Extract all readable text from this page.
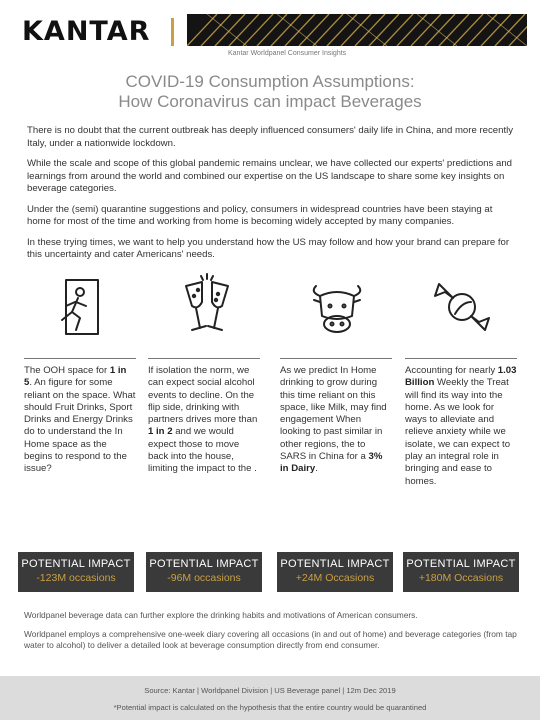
KANTAR
Kantar Worldpanel Consumer Insights
COVID-19 Consumption Assumptions:
How Coronavirus can impact Beverages

There is no doubt that the current outbreak has deeply influenced consumers' daily life in China, and more recently Italy, under a nationwide lockdown.

While the scale and scope of this global pandemic remains unclear, we have collected our experts' predictions and learnings from around the world and combined our expertise on the US landscape to share some key insights on beverage categories.

Under the (semi) quarantine suggestions and policy, consumers in widespread countries have been staying at home for most of the time and working from home is becoming widely accepted by many companies.

In these trying times, we want to help you understand how the US may follow and how your brand can prepare for this uncertainty and cater Americans' needs.

The OOH space for 1 in 5. An figure for some reliant on the space. What should Fruit Drinks, Sport Drinks and Energy Drinks do to understand the In Home space as the begins to respond to the issue?
If isolation the norm, we can expect social alcohol events to decline. On the flip side, drinking with partners drives more than 1 in 2 and we would expect those to move back into the house, limiting the impact to the .
As we predict In Home drinking to grow during this time reliant on this space, like Milk, may find engagement When looking to past similar in other regions, the to SARS in China for a 3% in Dairy.
Accounting for nearly 1.03 Billion Weekly the Treat will find its way into the home. As we look for ways to alleviate and relieve anxiety while we isolate, we can expect to play an integral role in bringing and ease to homes.
POTENTIAL IMPACT
-123M occasions
POTENTIAL IMPACT
-96M occasions
POTENTIAL IMPACT
+24M Occasions
POTENTIAL IMPACT
+180M Occasions

Worldpanel beverage data can further explore the drinking habits and motivations of American consumers.

Worldpanel employs a comprehensive one-week diary covering all occasions (in and out of home) and beverage categories (from tap water to alcohol) to deliver a detailed look at beverage consumption directly from end consumer.

Source: Kantar | Worldpanel Division | US Beverage panel | 12m Dec 2019
*Potential impact is calculated on the hypothesis that the entire country would be quarantined
